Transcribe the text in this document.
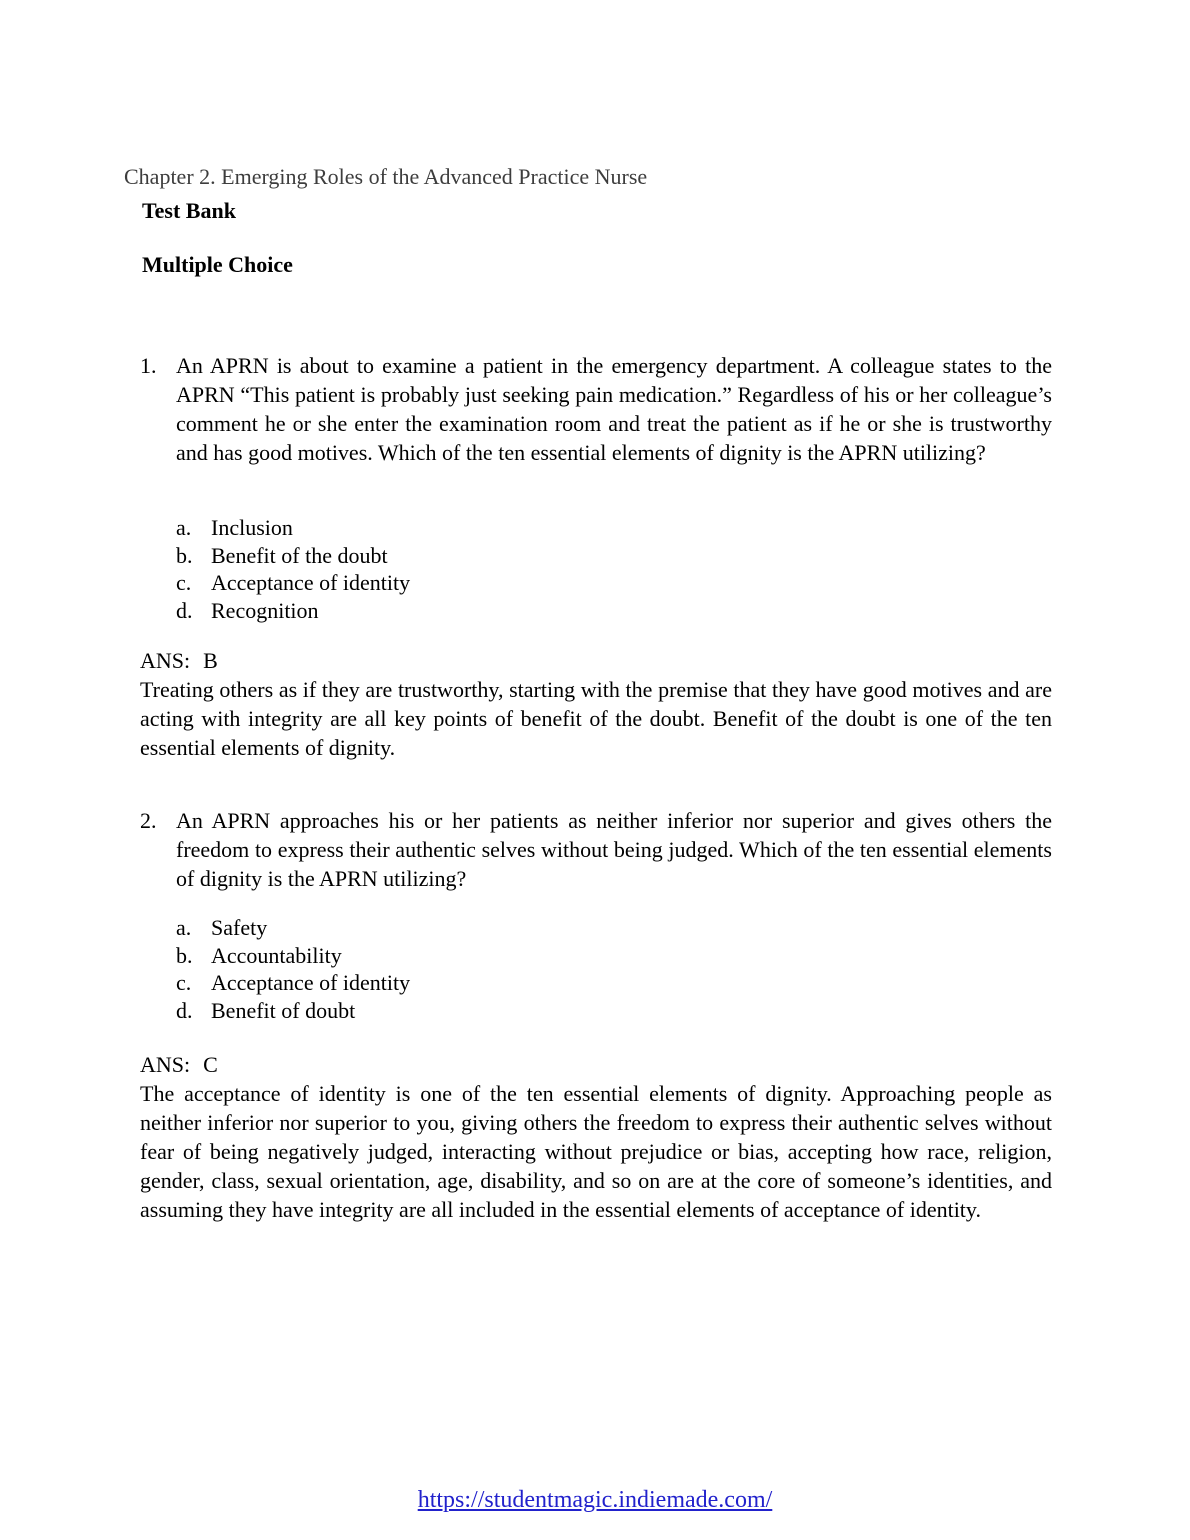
Chapter 2. Emerging Roles of the Advanced Practice Nurse
Test Bank
Multiple Choice
1. An APRN is about to examine a patient in the emergency department. A colleague states to the APRN “This patient is probably just seeking pain medication.” Regardless of his or her colleague’s comment he or she enter the examination room and treat the patient as if he or she is trustworthy and has good motives. Which of the ten essential elements of dignity is the APRN utilizing?
a. Inclusion
b. Benefit of the doubt
c. Acceptance of identity
d. Recognition
ANS: B
Treating others as if they are trustworthy, starting with the premise that they have good motives and are acting with integrity are all key points of benefit of the doubt. Benefit of the doubt is one of the ten essential elements of dignity.
2. An APRN approaches his or her patients as neither inferior nor superior and gives others the freedom to express their authentic selves without being judged. Which of the ten essential elements of dignity is the APRN utilizing?
a. Safety
b. Accountability
c. Acceptance of identity
d. Benefit of doubt
ANS: C
The acceptance of identity is one of the ten essential elements of dignity. Approaching people as neither inferior nor superior to you, giving others the freedom to express their authentic selves without fear of being negatively judged, interacting without prejudice or bias, accepting how race, religion, gender, class, sexual orientation, age, disability, and so on are at the core of someone’s identities, and assuming they have integrity are all included in the essential elements of acceptance of identity.
https://studentmagic.indiemade.com/
